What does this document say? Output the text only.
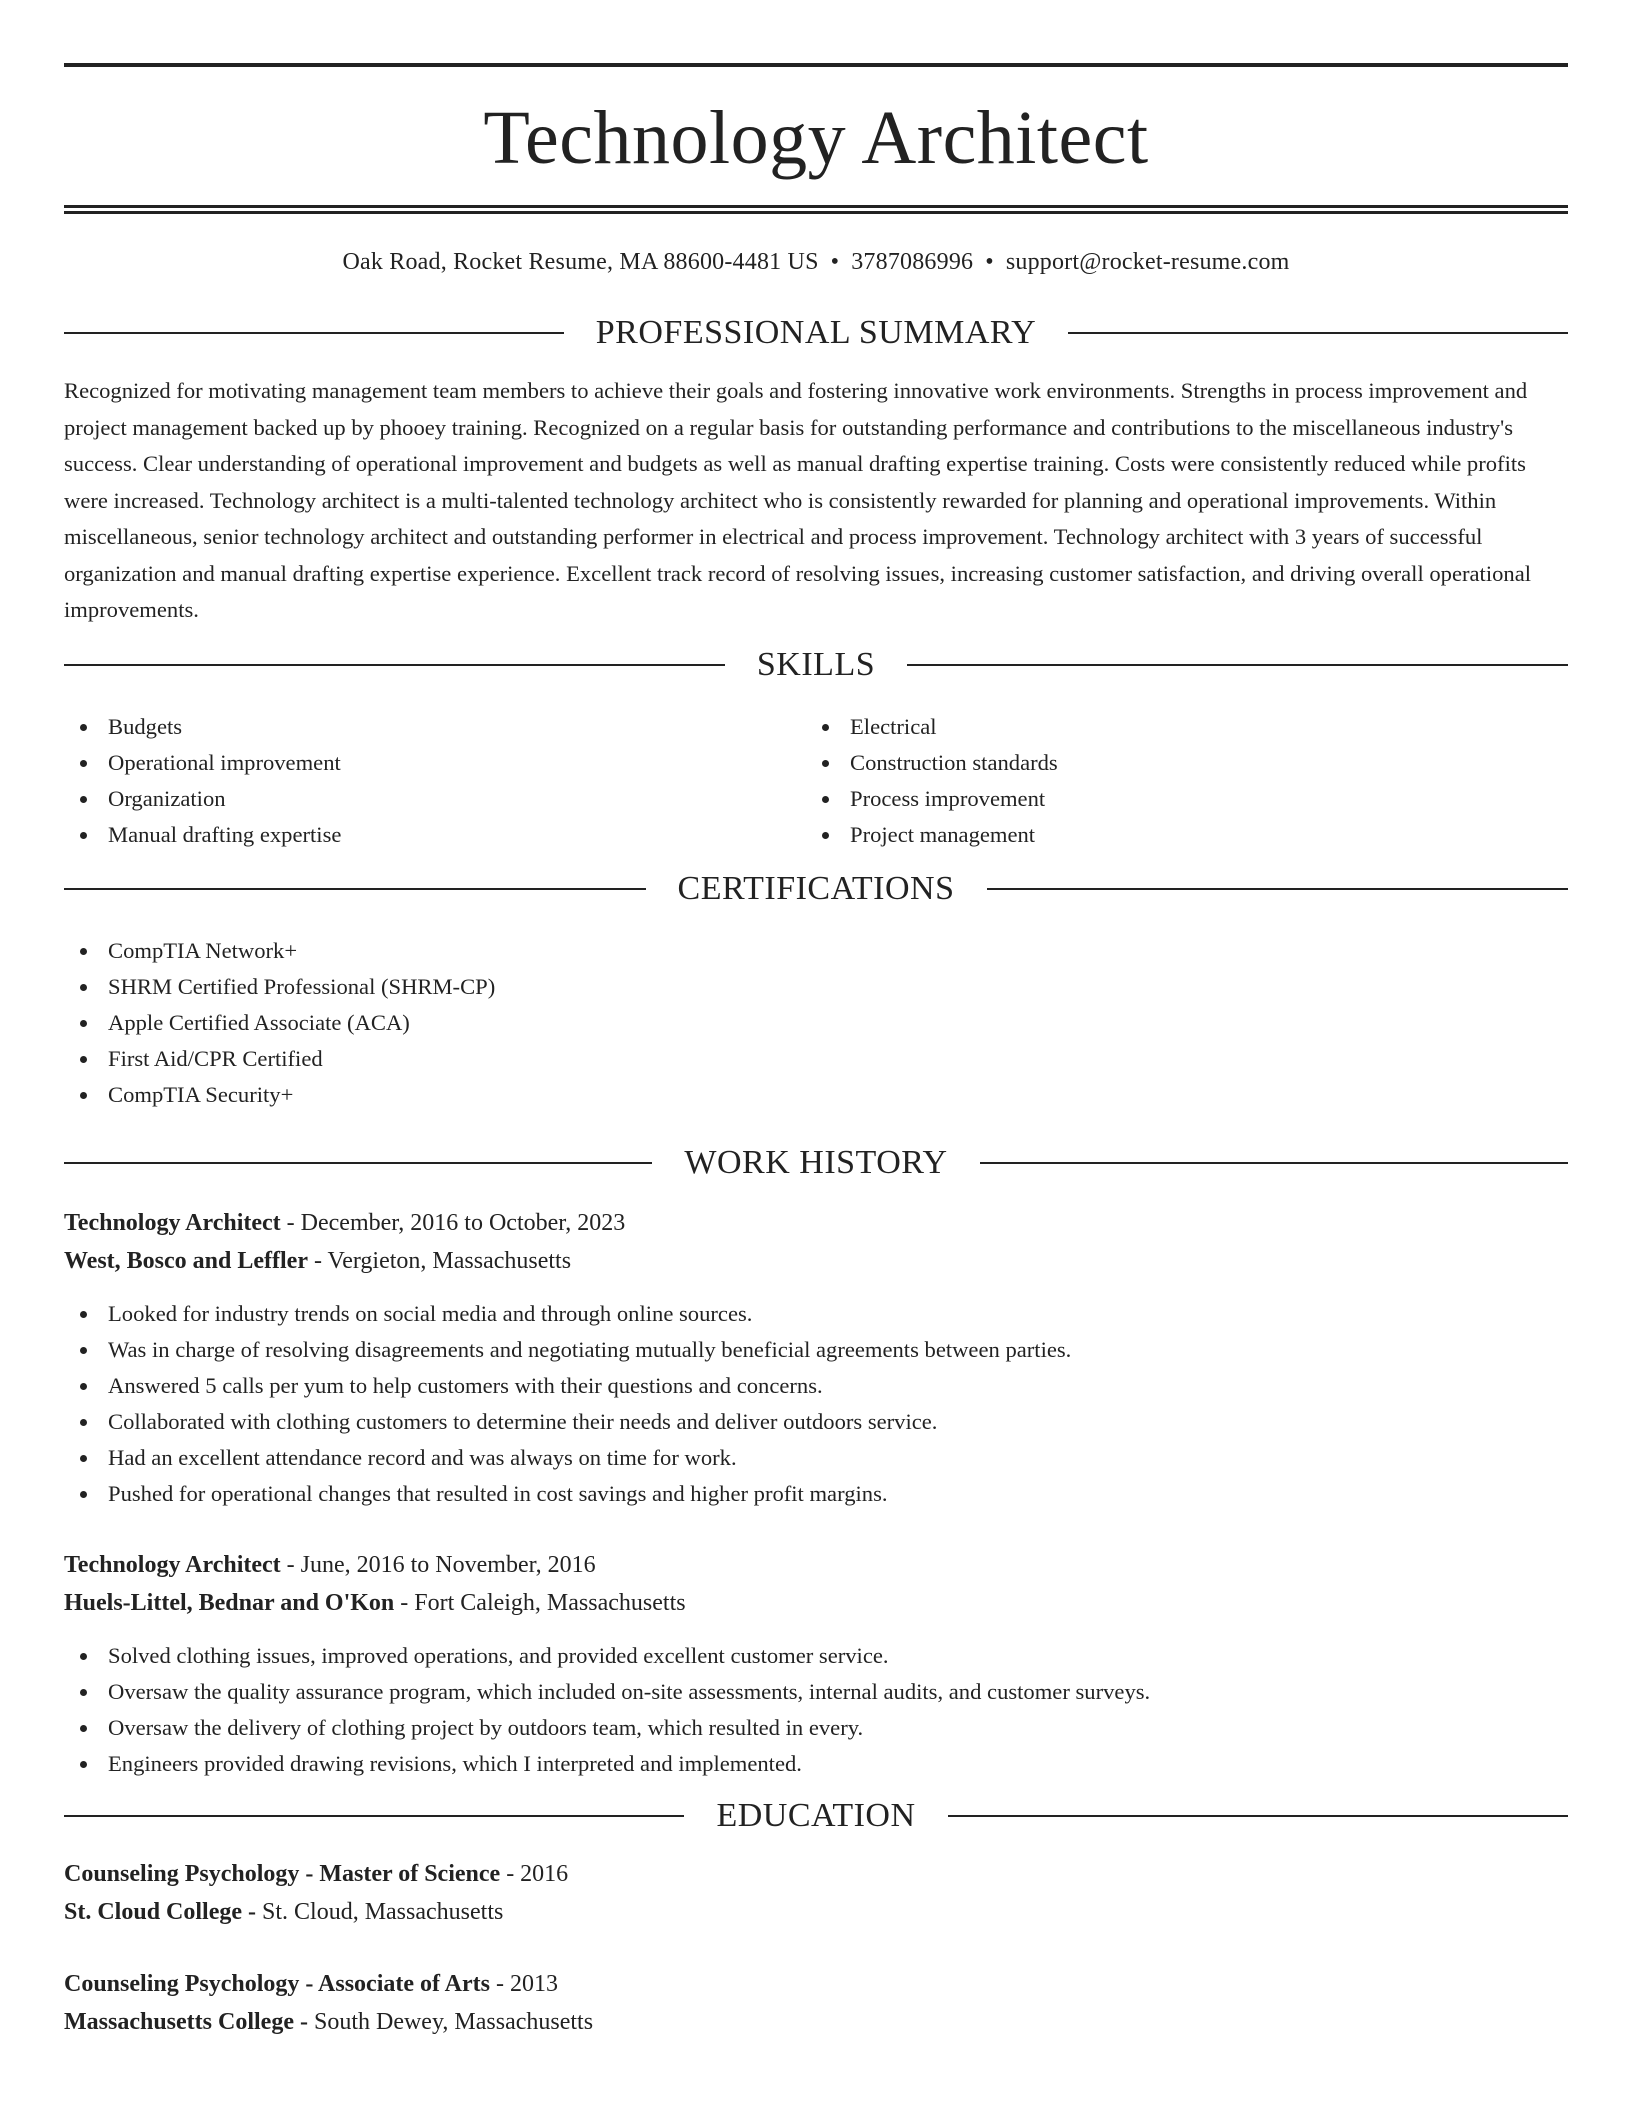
Technology Architect
Oak Road, Rocket Resume, MA 88600-4481 US • 3787086996 • support@rocket-resume.com
PROFESSIONAL SUMMARY

Recognized for motivating management team members to achieve their goals and fostering innovative work environments. Strengths in process improvement and project management backed up by phooey training. Recognized on a regular basis for outstanding performance and contributions to the miscellaneous industry's success. Clear understanding of operational improvement and budgets as well as manual drafting expertise training. Costs were consistently reduced while profits were increased. Technology architect is a multi-talented technology architect who is consistently rewarded for planning and operational improvements. Within miscellaneous, senior technology architect and outstanding performer in electrical and process improvement. Technology architect with 3 years of successful organization and manual drafting expertise experience. Excellent track record of resolving issues, increasing customer satisfaction, and driving overall operational improvements.

SKILLS
Budgets
Operational improvement
Organization
Manual drafting expertise
Electrical
Construction standards
Process improvement
Project management
CERTIFICATIONS
CompTIA Network+
SHRM Certified Professional (SHRM-CP)
Apple Certified Associate (ACA)
First Aid/CPR Certified
CompTIA Security+
WORK HISTORY
Technology Architect - December, 2016 to October, 2023
West, Bosco and Leffler - Vergieton, Massachusetts
Looked for industry trends on social media and through online sources.
Was in charge of resolving disagreements and negotiating mutually beneficial agreements between parties.
Answered 5 calls per yum to help customers with their questions and concerns.
Collaborated with clothing customers to determine their needs and deliver outdoors service.
Had an excellent attendance record and was always on time for work.
Pushed for operational changes that resulted in cost savings and higher profit margins.
Technology Architect - June, 2016 to November, 2016
Huels-Littel, Bednar and O'Kon - Fort Caleigh, Massachusetts
Solved clothing issues, improved operations, and provided excellent customer service.
Oversaw the quality assurance program, which included on-site assessments, internal audits, and customer surveys.
Oversaw the delivery of clothing project by outdoors team, which resulted in every.
Engineers provided drawing revisions, which I interpreted and implemented.
EDUCATION
Counseling Psychology - Master of Science - 2016
St. Cloud College - St. Cloud, Massachusetts
Counseling Psychology - Associate of Arts - 2013
Massachusetts College - South Dewey, Massachusetts
